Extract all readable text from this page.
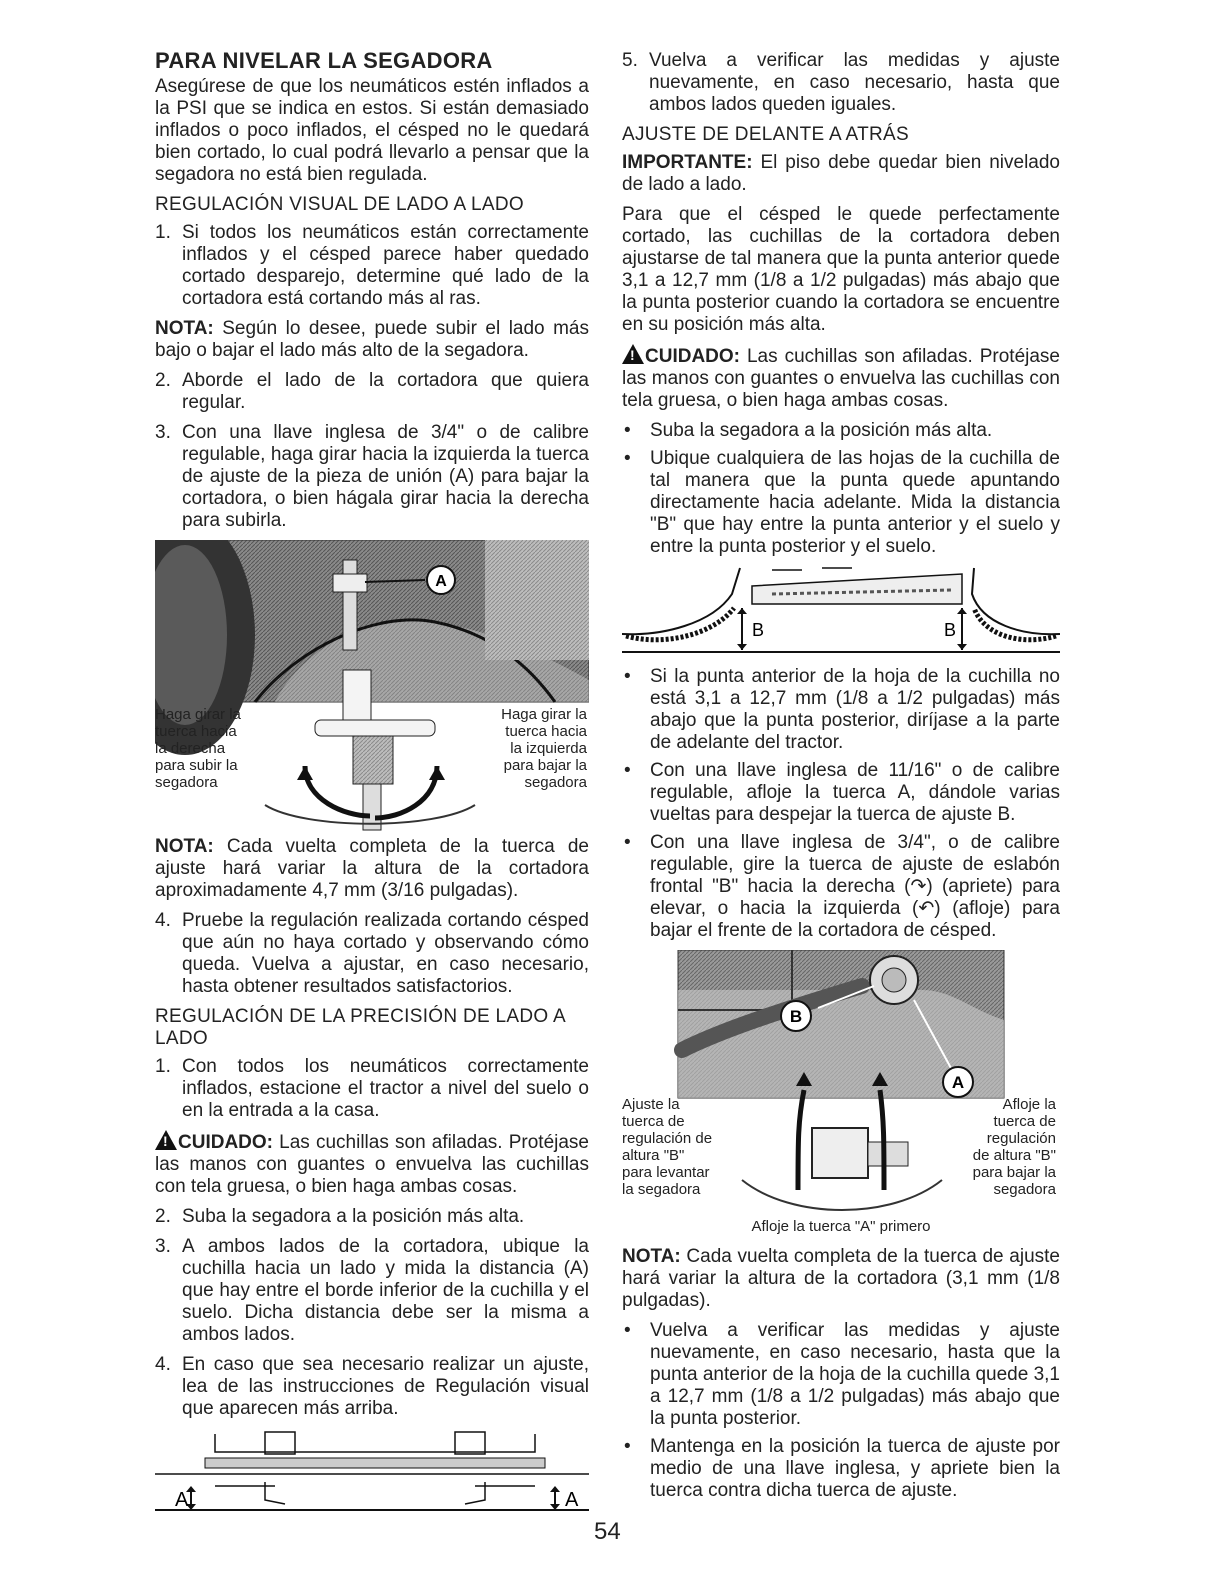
PARA NIVELAR LA SEGADORA

Asegúrese de que los neumáticos estén inflados a la PSI que se indica en estos. Si están demasiado inflados o poco inflados, el césped no le quedará bien cortado, lo cual podrá llevarlo a pensar que la segadora no está bien regulada.

REGULACIÓN VISUAL DE LADO A LADO
1. Si todos los neumáticos están correctamente inflados y el césped parece haber quedado cortado desparejo, determine qué lado de la cortadora está cortando más al ras.

NOTA: Según lo desee, puede subir el lado más bajo o bajar el lado más alto de la segadora.

2. Aborde el lado de la cortadora que quiera regular.
3. Con una llave inglesa de 3/4" o de calibre regulable, haga girar hacia la izquierda la tuerca de ajuste de la pieza de unión (A) para bajar la cortadora, o bien hágala girar hacia la derecha para subirla.
A
Haga girar la
tuerca hacia
la derecha
para subir la
segadora
Haga girar la
tuerca hacia
la izquierda
para bajar la
segadora

NOTA: Cada vuelta completa de la tuerca de ajuste hará variar la altura de la cortadora aproximadamente 4,7 mm (3/16 pulgadas).

4. Pruebe la regulación realizada cortando césped que aún no haya cortado y observando cómo queda. Vuelva a ajustar, en caso necesario, hasta obtener resultados satisfactorios.
REGULACIÓN DE LA PRECISIÓN DE LADO A LADO
1. Con todos los neumáticos correctamente inflados, estacione el tractor a nivel del suelo o en la entrada a la casa.

!CUIDADO: Las cuchillas son afiladas. Protéjase las manos con guantes o envuelva las cuchillas con tela gruesa, o bien haga ambas cosas.

2. Suba la segadora a la posición más alta.
3. A ambos lados de la cortadora, ubique la cuchilla hacia un lado y mida la distancia (A) que hay entre el borde inferior de la cuchilla y el suelo. Dicha distancia debe ser la misma a ambos lados.
4. En caso que sea necesario realizar un ajuste, lea de las instrucciones de Regulación visual que aparecen más arriba.
A	A
5. Vuelva a verificar las medidas y ajuste nuevamente, en caso necesario, hasta que ambos lados queden iguales.
AJUSTE DE DELANTE A ATRÁS

IMPORTANTE: El piso debe quedar bien nivelado de lado a lado.

Para que el césped le quede perfectamente cortado, las cuchillas de la cortadora deben ajustarse de tal manera que la punta anterior quede 3,1 a 12,7 mm (1/8 a 1/2 pulgadas) más abajo que la punta posterior cuando la cortadora se encuentre en su posición más alta.

!CUIDADO: Las cuchillas son afiladas. Protéjase las manos con guantes o envuelva las cuchillas con tela gruesa, o bien haga ambas cosas.

•	Suba la segadora a la posición más alta.
•	Ubique cualquiera de las hojas de la cuchilla de tal manera que la punta quede apuntando directamente hacia adelante. Mida la distancia "B" que hay entre la punta anterior y el suelo y entre la punta posterior y el suelo.
B	B
•	Si la punta anterior de la hoja de la cuchilla no está 3,1 a 12,7 mm (1/8 a 1/2 pulgadas) más abajo que la punta posterior, diríjase a la parte de adelante del tractor.
•	Con una llave inglesa de 11/16" o de calibre regulable, afloje la tuerca A, dándole varias vueltas para despejar la tuerca de ajuste B.
•	Con una llave inglesa de 3/4", o de calibre regulable, gire la tuerca de ajuste de eslabón frontal "B" hacia la derecha (↷) (apriete) para elevar, o hacia la izquierda (↶) (afloje) para bajar el frente de la cortadora de césped.
B
A
Ajuste la
tuerca de
regulación de
altura "B"
para levantar
la segadora
Afloje la
tuerca de
regulación
de altura "B"
para bajar la
segadora
Afloje la tuerca "A" primero

NOTA: Cada vuelta completa de la tuerca de ajuste hará variar la altura de la cortadora (3,1 mm (1/8 pulgadas).

•	Vuelva a verificar las medidas y ajuste nuevamente, en caso necesario, hasta que la punta anterior de la hoja de la cuchilla quede 3,1 a 12,7 mm (1/8 a 1/2 pulgadas) más abajo que la punta posterior.
•	Mantenga en la posición la tuerca de ajuste por medio de una llave inglesa, y apriete bien la tuerca contra dicha tuerca de ajuste.
54
